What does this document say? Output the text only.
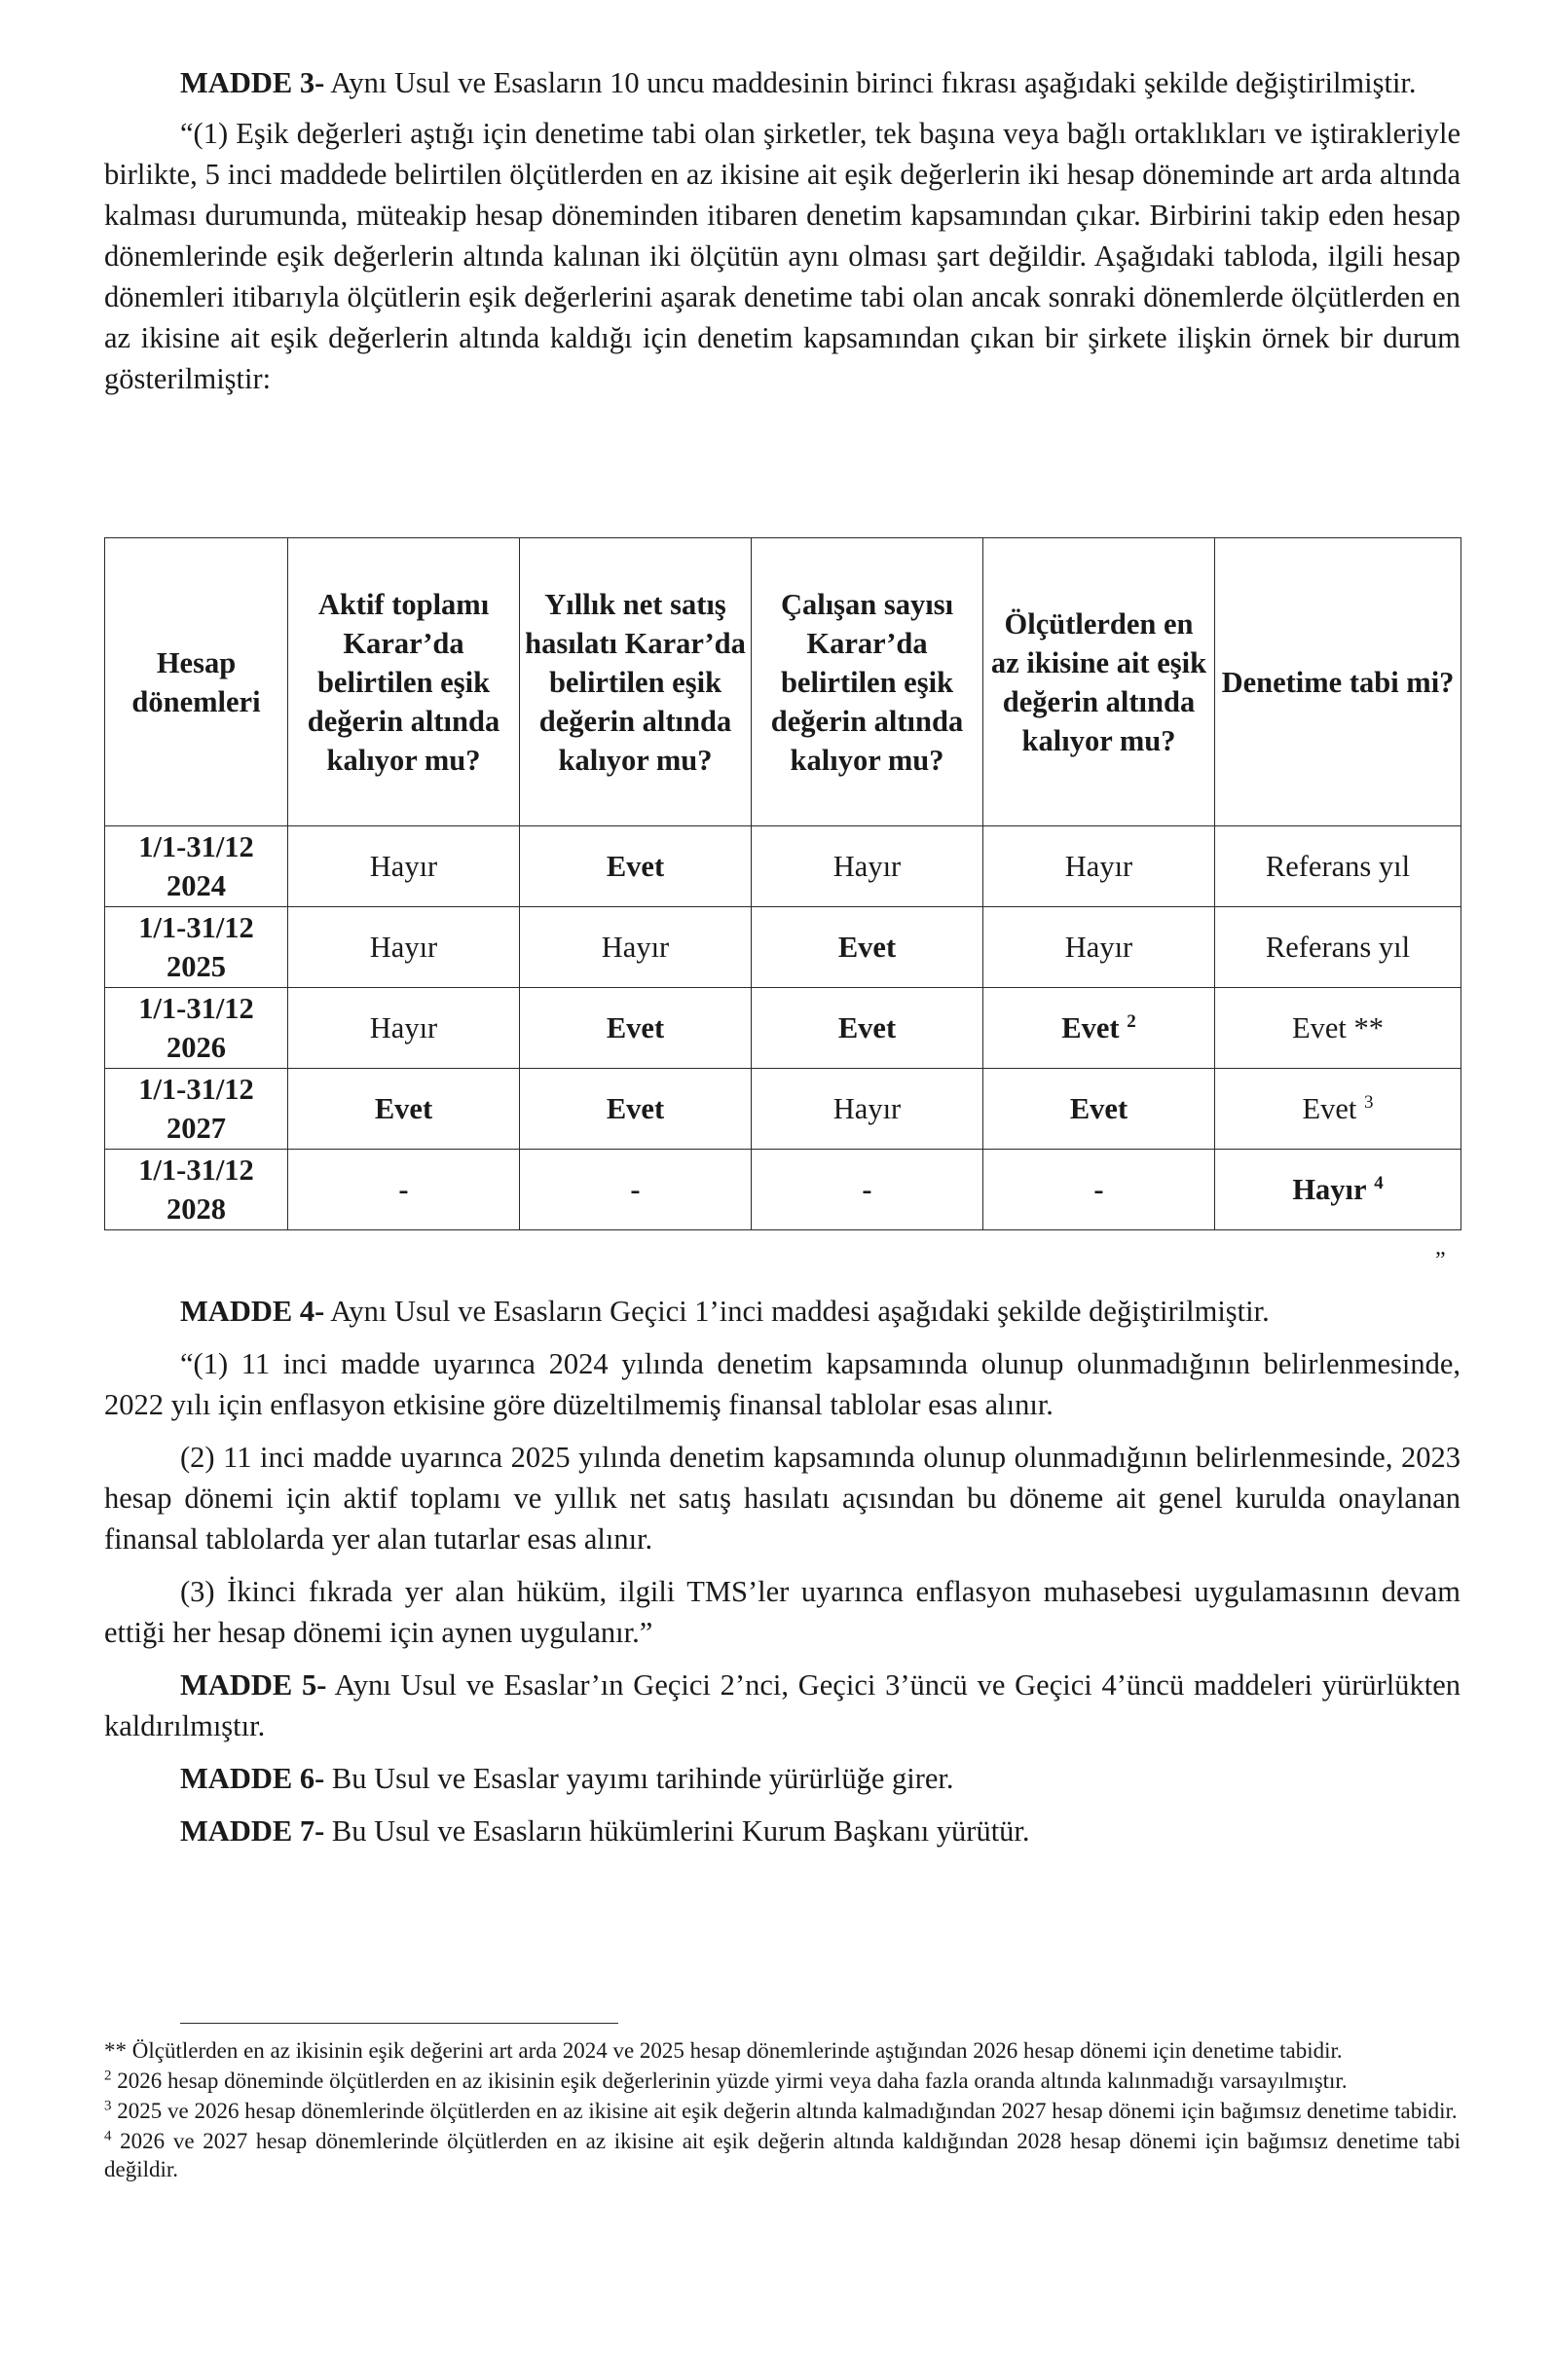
MADDE 3- Aynı Usul ve Esasların 10 uncu maddesinin birinci fıkrası aşağıdaki şekilde değiştirilmiştir.

“(1) Eşik değerleri aştığı için denetime tabi olan şirketler, tek başına veya bağlı ortaklıkları ve iştirakleriyle birlikte, 5 inci maddede belirtilen ölçütlerden en az ikisine ait eşik değerlerin iki hesap döneminde art arda altında kalması durumunda, müteakip hesap döneminden itibaren denetim kapsamından çıkar. Birbirini takip eden hesap dönemlerinde eşik değerlerin altında kalınan iki ölçütün aynı olması şart değildir. Aşağıdaki tabloda, ilgili hesap dönemleri itibarıyla ölçütlerin eşik değerlerini aşarak denetime tabi olan ancak sonraki dönemlerde ölçütlerden en az ikisine ait eşik değerlerin altında kaldığı için denetim kapsamından çıkan bir şirkete ilişkin örnek bir durum gösterilmiştir:

Hesap dönemleri	Aktif toplamı Karar’da belirtilen eşik değerin altında kalıyor mu?	Yıllık net satış hasılatı Karar’da belirtilen eşik değerin altında kalıyor mu?	Çalışan sayısı Karar’da belirtilen eşik değerin altında kalıyor mu?	Ölçütlerden en az ikisine ait eşik değerin altında kalıyor mu?	Denetime tabi mi?
1/1-31/12 2024	Hayır	Evet	Hayır	Hayır	Referans yıl
1/1-31/12 2025	Hayır	Hayır	Evet	Hayır	Referans yıl
1/1-31/12 2026	Hayır	Evet	Evet	Evet $^2$	Evet **
1/1-31/12 2027	Evet	Evet	Hayır	Evet	Evet $^3$
1/1-31/12 2028	-	-	-	-	Hayır $^4$
”

MADDE 4- Aynı Usul ve Esasların Geçici 1’inci maddesi aşağıdaki şekilde değiştirilmiştir.

“(1) 11 inci madde uyarınca 2024 yılında denetim kapsamında olunup olunmadığının belirlenmesinde, 2022 yılı için enflasyon etkisine göre düzeltilmemiş finansal tablolar esas alınır.

(2) 11 inci madde uyarınca 2025 yılında denetim kapsamında olunup olunmadığının belirlenmesinde, 2023 hesap dönemi için aktif toplamı ve yıllık net satış hasılatı açısından bu döneme ait genel kurulda onaylanan finansal tablolarda yer alan tutarlar esas alınır.

(3) İkinci fıkrada yer alan hüküm, ilgili TMS’ler uyarınca enflasyon muhasebesi uygulamasının devam ettiği her hesap dönemi için aynen uygulanır.”

MADDE 5- Aynı Usul ve Esaslar’ın Geçici 2’nci, Geçici 3’üncü ve Geçici 4’üncü maddeleri yürürlükten kaldırılmıştır.

MADDE 6- Bu Usul ve Esaslar yayımı tarihinde yürürlüğe girer.

MADDE 7- Bu Usul ve Esasların hükümlerini Kurum Başkanı yürütür.

** Ölçütlerden en az ikisinin eşik değerini art arda 2024 ve 2025 hesap dönemlerinde aştığından 2026 hesap dönemi için denetime tabidir.

$^2$ 2026 hesap döneminde ölçütlerden en az ikisinin eşik değerlerinin yüzde yirmi veya daha fazla oranda altında kalınmadığı varsayılmıştır.

$^3$ 2025 ve 2026 hesap dönemlerinde ölçütlerden en az ikisine ait eşik değerin altında kalmadığından 2027 hesap dönemi için bağımsız denetime tabidir.

$^4$ 2026 ve 2027 hesap dönemlerinde ölçütlerden en az ikisine ait eşik değerin altında kaldığından 2028 hesap dönemi için bağımsız denetime tabi değildir.
